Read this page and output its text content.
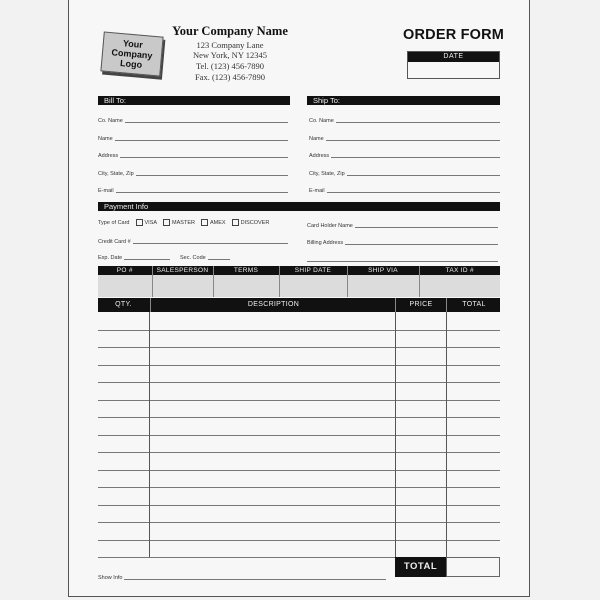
Your
Company
Logo
Your Company Name
123 Company Lane
New York, NY 12345
Tel. (123) 456-7890
Fax. (123) 456-7890
ORDER FORM
DATE
Bill To:
Co. Name
Name
Address
City, State, Zip
E-mail
Ship To:
Co. Name
Name
Address
City, State, Zip
E-mail
Payment Info
Type of Card	VISA	MASTER	AMEX	DISCOVER
Credit Card #
Exp. Date	Sec. Code
Card Holder Name
Billing Address
PO #	SALESPERSON	TERMS	SHIP DATE	SHIP VIA	TAX ID #

QTY.	DESCRIPTION	PRICE	TOTAL
Show Info
TOTAL
